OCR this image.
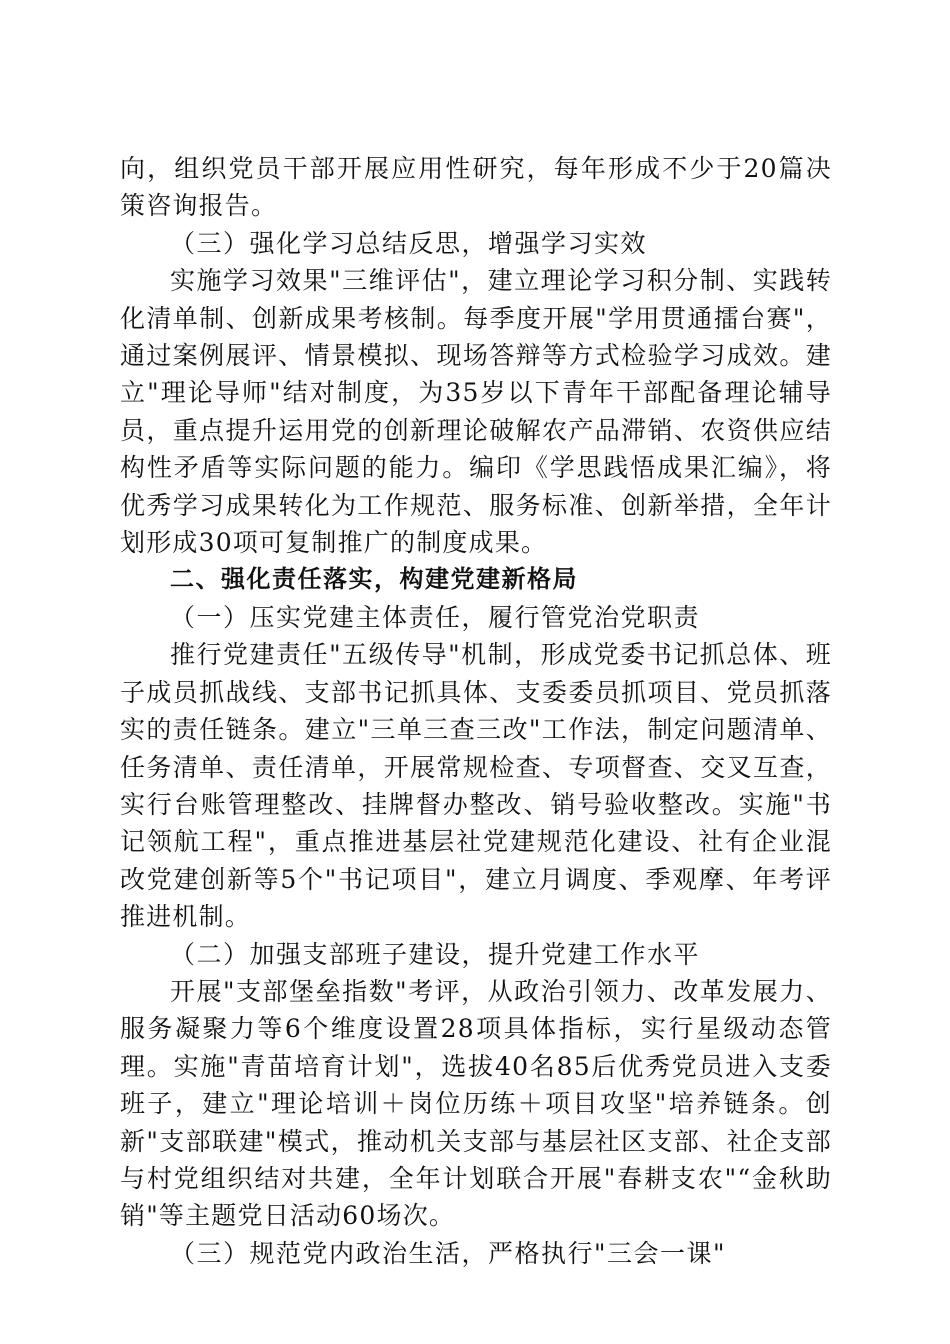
向，组织党员干部开展应用性研究，每年形成不少于20篇决策咨询报告。

（三）强化学习总结反思，增强学习实效

实施学习效果"三维评估"，建立理论学习积分制、实践转化清单制、创新成果考核制。每季度开展"学用贯通擂台赛"，通过案例展评、情景模拟、现场答辩等方式检验学习成效。建立"理论导师"结对制度，为35岁以下青年干部配备理论辅导员，重点提升运用党的创新理论破解农产品滞销、农资供应结构性矛盾等实际问题的能力。编印《学思践悟成果汇编》，将优秀学习成果转化为工作规范、服务标准、创新举措，全年计划形成30项可复制推广的制度成果。

二、强化责任落实，构建党建新格局

（一）压实党建主体责任，履行管党治党职责

推行党建责任"五级传导"机制，形成党委书记抓总体、班子成员抓战线、支部书记抓具体、支委委员抓项目、党员抓落实的责任链条。建立"三单三查三改"工作法，制定问题清单、任务清单、责任清单，开展常规检查、专项督查、交叉互查，实行台账管理整改、挂牌督办整改、销号验收整改。实施"书记领航工程"，重点推进基层社党建规范化建设、社有企业混改党建创新等5个"书记项目"，建立月调度、季观摩、年考评推进机制。

（二）加强支部班子建设，提升党建工作水平

开展"支部堡垒指数"考评，从政治引领力、改革发展力、服务凝聚力等6个维度设置28项具体指标，实行星级动态管理。实施"青苗培育计划"，选拔40名85后优秀党员进入支委班子，建立"理论培训＋岗位历练＋项目攻坚"培养链条。创新"支部联建"模式，推动机关支部与基层社区支部、社企支部与村党组织结对共建，全年计划联合开展"春耕支农"“金秋助销"等主题党日活动60场次。

（三）规范党内政治生活，严格执行"三会一课"
